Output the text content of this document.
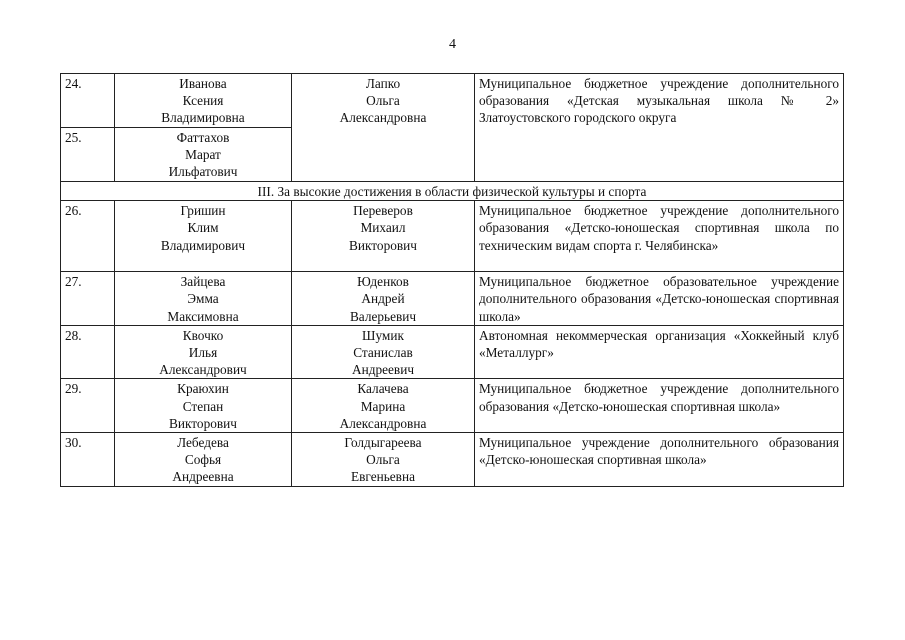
4
24.	Иванова
Ксения
Владимировна	Лапко
Ольга
Александровна	Муниципальное бюджетное учреждение дополнительного образования «Детская музыкальная школа № 2» Златоустовского городского округа
25.	Фаттахов
Марат
Ильфатович		

III. За высокие достижения в области физической культуры и спорта			
26.	Гришин
Клим
Владимирович	Переверов
Михаил
Викторович	Муниципальное бюджетное учреждение дополнительного образования «Детско-юношеская спортивная школа по техническим видам спорта г. Челябинска»
27.	Зайцева
Эмма
Максимовна	Юденков
Андрей
Валерьевич	Муниципальное бюджетное образовательное учреждение дополнительного образования «Детско-юношеская спортивная школа»
28.	Квочко
Илья
Александрович	Шумик
Станислав
Андреевич	Автономная некоммерческая организация «Хоккейный клуб «Металлург»
29.	Краюхин
Степан
Викторович	Калачева
Марина
Александровна	Муниципальное бюджетное учреждение дополнительного образования «Детско-юношеская спортивная школа»
30.	Лебедева
Софья
Андреевна	Голдыгареева
Ольга
Евгеньевна	Муниципальное учреждение дополнительного образования «Детско-юношеская спортивная школа»
